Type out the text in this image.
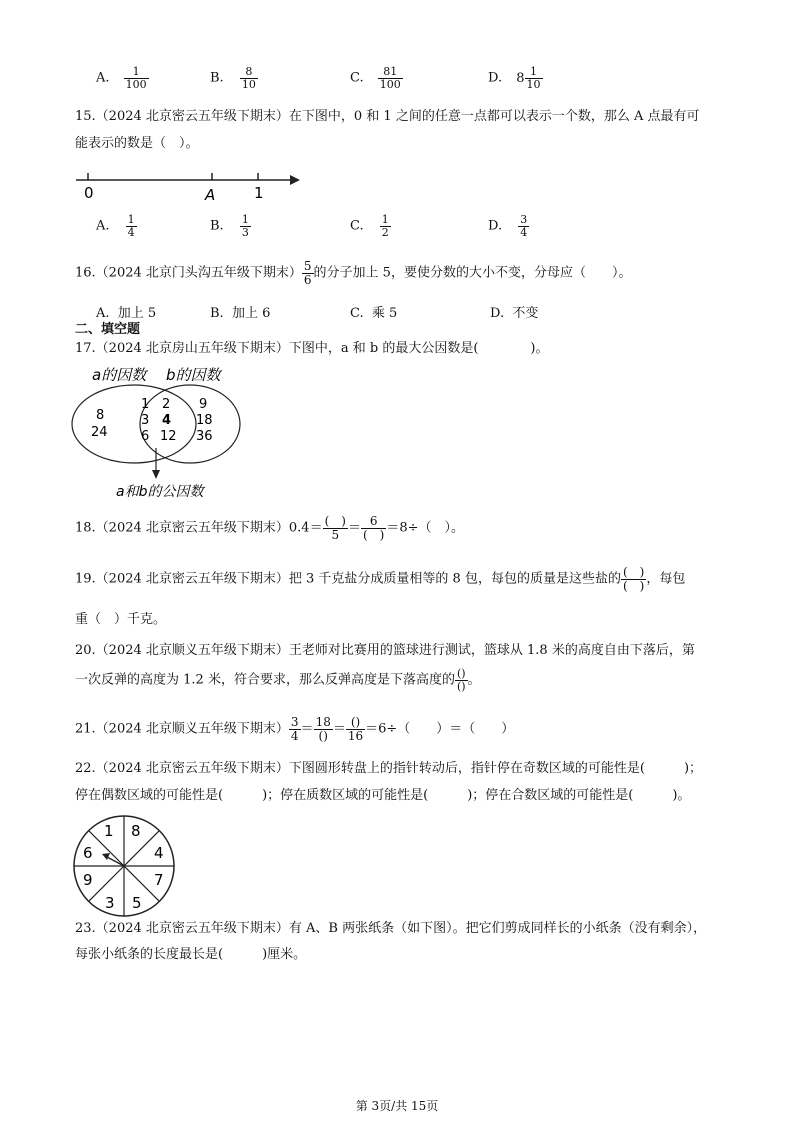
A. $\frac{1}{100}$	B. $\frac{8}{10}$	C. $\frac{81}{100}$	D. $8 \frac{1}{10}$
15.（2024 北京密云五年级下期末）在下图中，0 和 1 之间的任意一点都可以表示一个数，那么 A 点最有可
能表示的数是（　）。
0	A	1
A. $\frac{1}{4}$	B. $\frac{1}{3}$	C. $\frac{1}{2}$	D. $\frac{3}{4}$
16.（2024 北京门头沟五年级下期末） $\frac{5}{6}$ 的分子加上 5，要使分数的大小不变，分母应（　　）。
A. 加上 5	B. 加上 6	C. 乘 5	D. 不变
二、填空题
17.（2024 北京房山五年级下期末）下图中，a 和 b 的最大公因数是(　　　　)。
a的因数 b的因数
8
24
1 2
3 4
6 12
9
18
36
a和b的公因数
18.（2024 北京密云五年级下期末）$0.4= \frac{( )}{5} = \frac{6}{( )} =8\div$（　）。
19.（2024 北京密云五年级下期末）把 3 千克盐分成质量相等的 8 包，每包的质量是这些盐的 $\frac{( )}{( )}$ ，每包
重（　）千克。
20.（2024 北京顺义五年级下期末）王老师对比赛用的篮球进行测试，篮球从 1.8 米的高度自由下落后，第
一次反弹的高度为 1.2 米，符合要求，那么反弹高度是下落高度的 $\frac{()}{()}$ 。
21.（2024 北京顺义五年级下期末） $\frac{3}{4} = \frac{18}{()} = \frac{()}{16} =6\div$（　　）＝（　　）
22.（2024 北京密云五年级下期末）下图圆形转盘上的指针转动后，指针停在奇数区域的可能性是(　　　)；
停在偶数区域的可能性是(　　　)；停在质数区域的可能性是(　　　)；停在合数区域的可能性是(　　　)。
1 8
4
7
5
3
9
6
23.（2024 北京密云五年级下期末）有 A、B 两张纸条（如下图）。把它们剪成同样长的小纸条（没有剩余），
每张小纸条的长度最长是(　　　)厘米。
第 3页/共 15页
